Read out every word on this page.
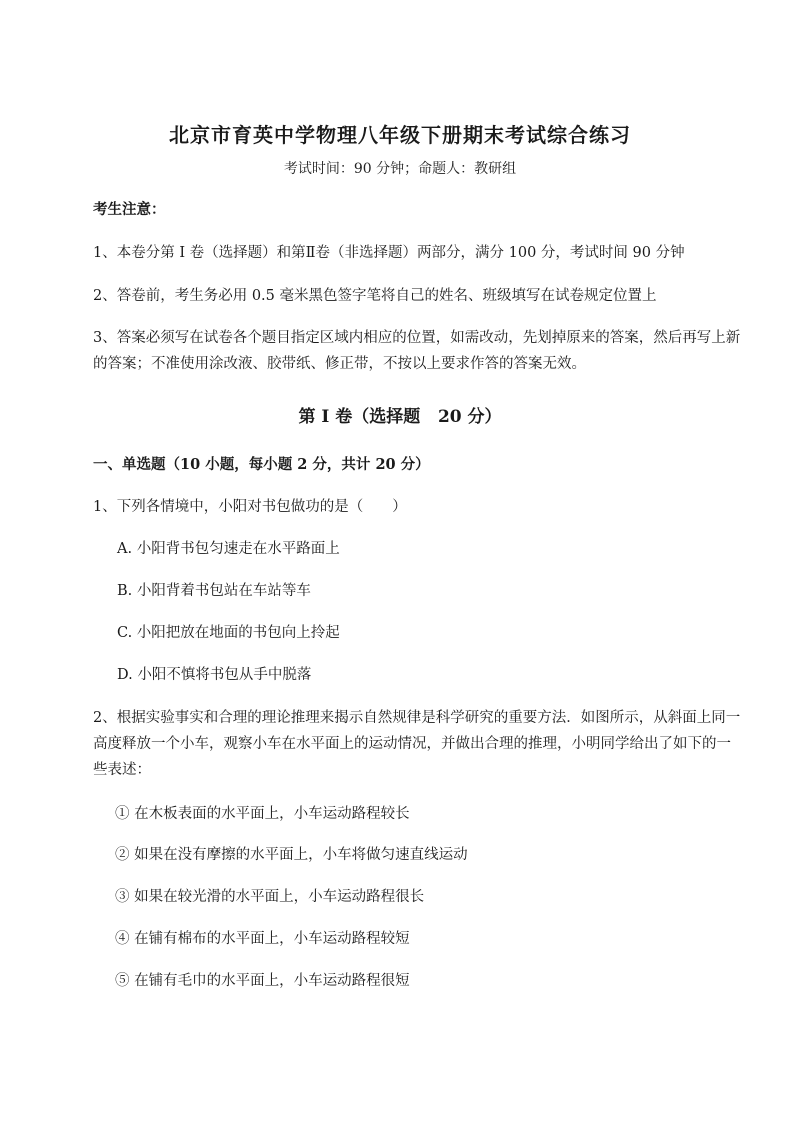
北京市育英中学物理八年级下册期末考试综合练习
考试时间：90 分钟；命题人：教研组
考生注意：
1、本卷分第 I 卷（选择题）和第Ⅱ卷（非选择题）两部分，满分 100 分，考试时间 90 分钟
2、答卷前，考生务必用 0.5 毫米黑色签字笔将自己的姓名、班级填写在试卷规定位置上
3、答案必须写在试卷各个题目指定区域内相应的位置，如需改动，先划掉原来的答案，然后再写上新的答案；不准使用涂改液、胶带纸、修正带，不按以上要求作答的答案无效。
第 I 卷（选择题   20 分）
一、单选题（10 小题，每小题 2 分，共计 20 分）
1、下列各情境中，小阳对书包做功的是（　　）
A. 小阳背书包匀速走在水平路面上
B. 小阳背着书包站在车站等车
C. 小阳把放在地面的书包向上拎起
D. 小阳不慎将书包从手中脱落
2、根据实验事实和合理的理论推理来揭示自然规律是科学研究的重要方法．如图所示，从斜面上同一高度释放一个小车，观察小车在水平面上的运动情况，并做出合理的推理，小明同学给出了如下的一些表述：
① 在木板表面的水平面上，小车运动路程较长
② 如果在没有摩擦的水平面上，小车将做匀速直线运动
③ 如果在较光滑的水平面上，小车运动路程很长
④ 在铺有棉布的水平面上，小车运动路程较短
⑤ 在铺有毛巾的水平面上，小车运动路程很短
